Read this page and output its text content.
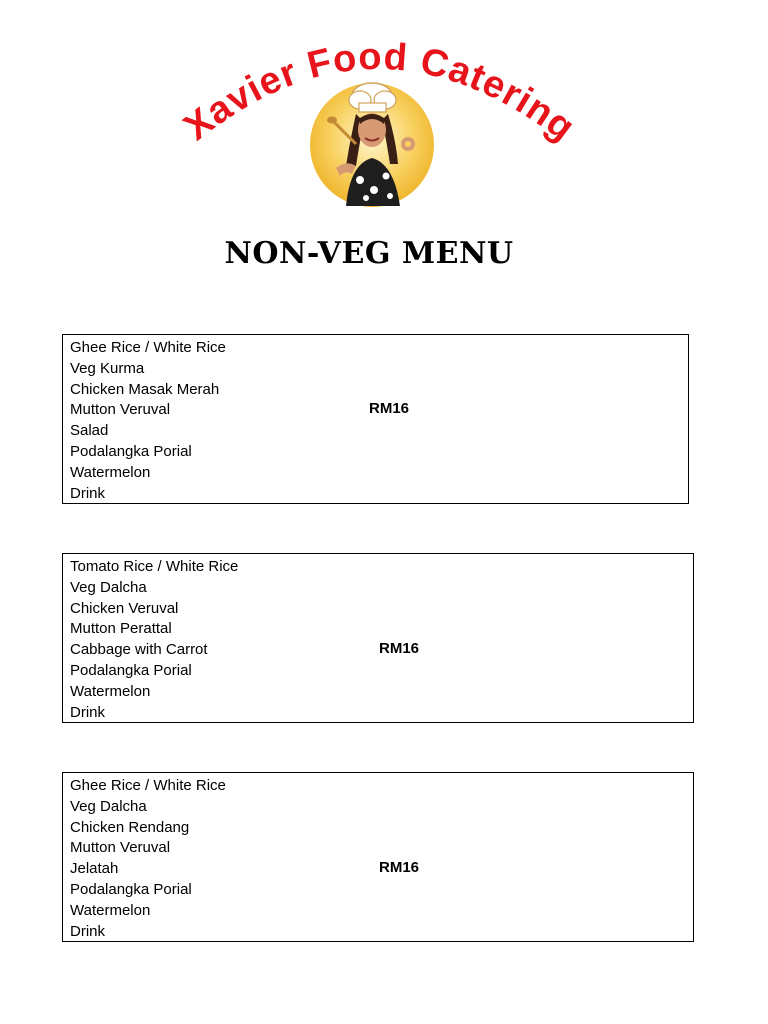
Xavier Food Catering
NON-VEG MENU
Ghee Rice / White Rice
Veg Kurma
Chicken Masak Merah
Mutton Veruval
Salad
Podalangka Porial
Watermelon
Drink
RM16
Tomato Rice / White Rice
Veg Dalcha
Chicken Veruval
Mutton Perattal
Cabbage with Carrot
Podalangka Porial
Watermelon
Drink
RM16
Ghee Rice / White Rice
Veg Dalcha
Chicken Rendang
Mutton Veruval
Jelatah
Podalangka Porial
Watermelon
Drink
RM16
